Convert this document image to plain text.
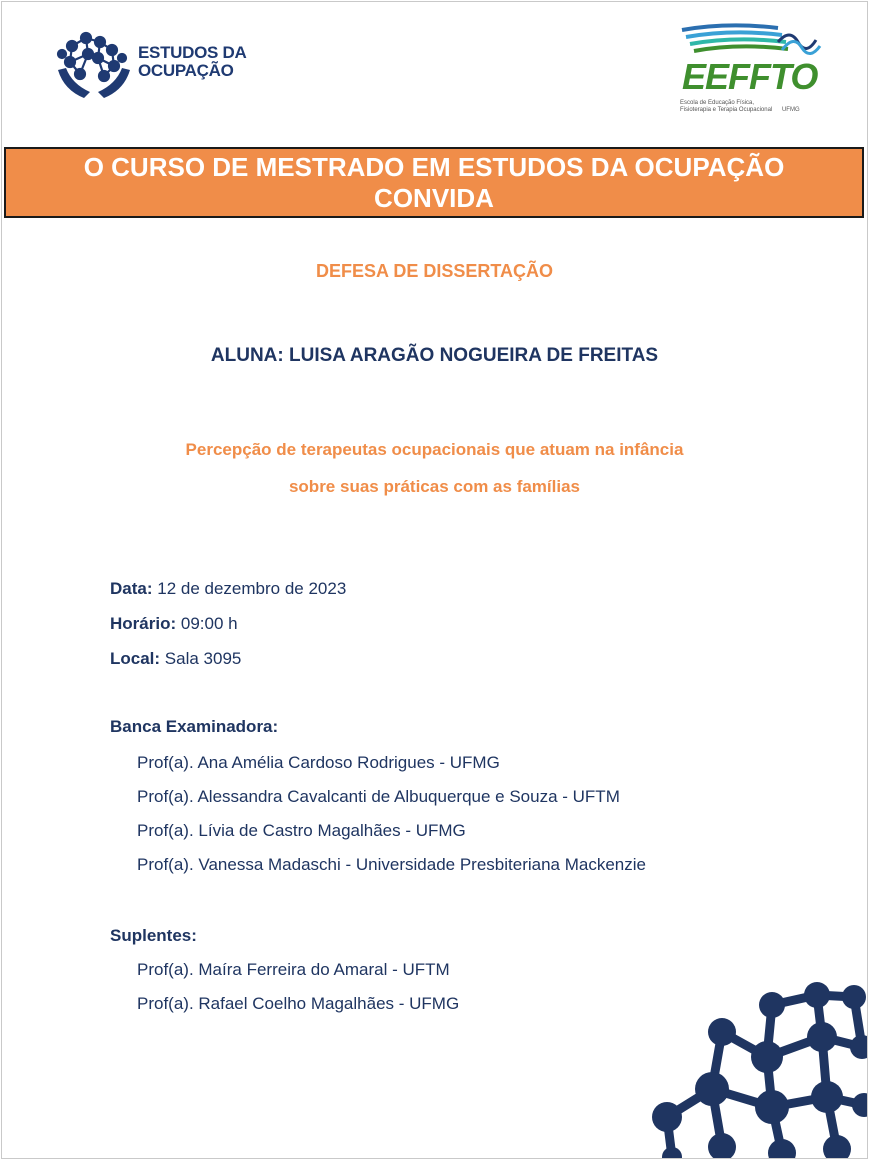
ESTUDOS DA
OCUPAÇÃO	EEFFTO
Escola de Educação Física,
Fisioterapia e Terapia Ocupacional UFMG
O CURSO DE MESTRADO EM ESTUDOS DA OCUPAÇÃO CONVIDA
DEFESA DE DISSERTAÇÃO
ALUNA: LUISA ARAGÃO NOGUEIRA DE FREITAS
Percepção de terapeutas ocupacionais que atuam na infância
sobre suas práticas com as famílias
Data: 12 de dezembro de 2023
Horário: 09:00 h
Local: Sala 3095
Banca Examinadora:
Prof(a). Ana Amélia Cardoso Rodrigues - UFMG
Prof(a). Alessandra Cavalcanti de Albuquerque e Souza - UFTM
Prof(a). Lívia de Castro Magalhães - UFMG
Prof(a). Vanessa Madaschi - Universidade Presbiteriana Mackenzie
Suplentes:
Prof(a). Maíra Ferreira do Amaral - UFTM
Prof(a). Rafael Coelho Magalhães - UFMG
